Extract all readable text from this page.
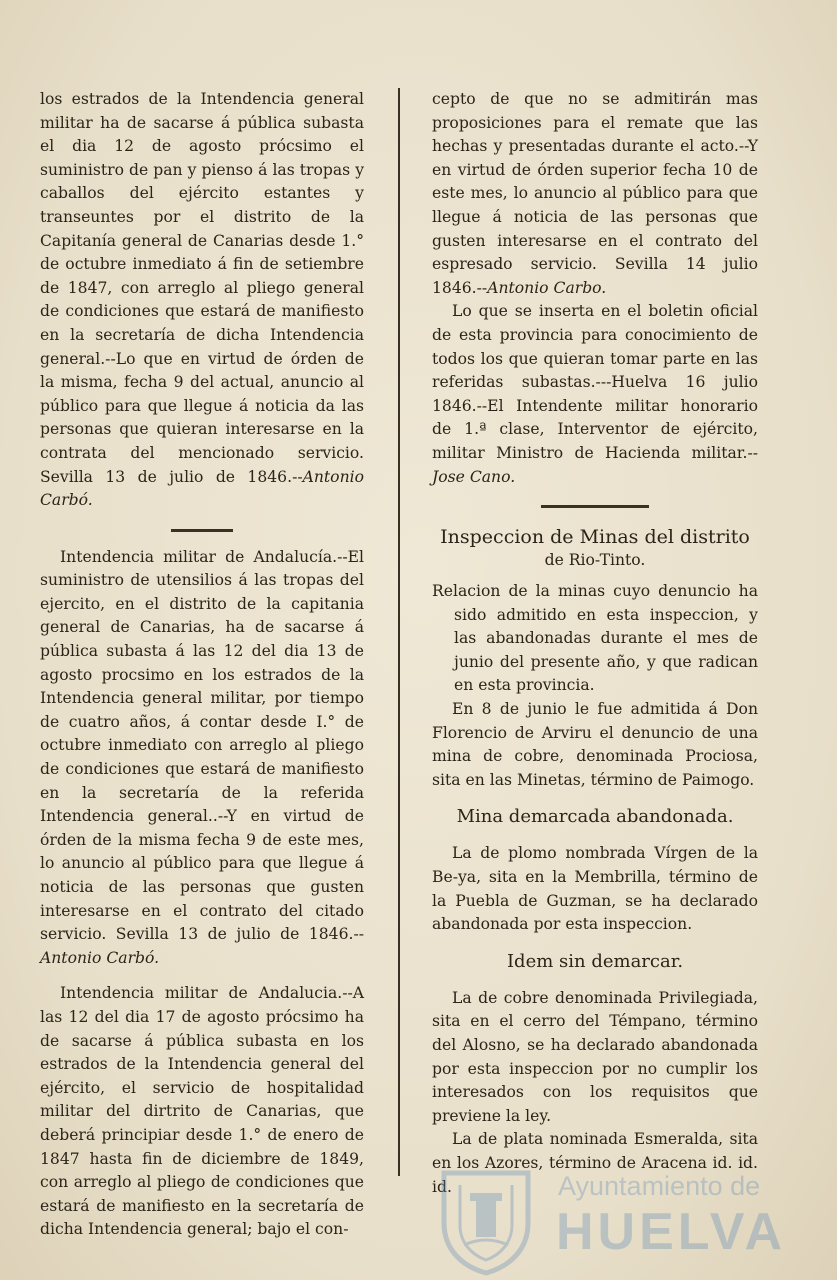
los estrados de la Intendencia general militar ha de sacarse á pública subasta el dia 12 de agosto prócsimo el suministro de pan y pienso á las tropas y caballos del ejército estantes y transeuntes por el distrito de la Capitanía general de Canarias desde 1.° de octubre inmediato á fin de setiembre de 1847, con arreglo al pliego general de condiciones que estará de manifiesto en la secretaría de dicha Intendencia general.--Lo que en virtud de órden de la misma, fecha 9 del actual, anuncio al público para que llegue á noticia da las personas que quieran interesarse en la contrata del mencionado servicio. Sevilla 13 de julio de 1846.--Antonio Carbó.

Intendencia militar de Andalucía.--El suministro de utensilios á las tropas del ejercito, en el distrito de la capitania general de Canarias, ha de sacarse á pública subasta á las 12 del dia 13 de agosto procsimo en los estrados de la Intendencia general militar, por tiempo de cuatro años, á contar desde I.° de octubre inmediato con arreglo al pliego de condiciones que estará de manifiesto en la secretaría de la referida Intendencia general..--Y en virtud de órden de la misma fecha 9 de este mes, lo anuncio al público para que llegue á noticia de las personas que gusten interesarse en el contrato del citado servicio. Sevilla 13 de julio de 1846.--Antonio Carbó.

Intendencia militar de Andalucia.--A las 12 del dia 17 de agosto prócsimo ha de sacarse á pública subasta en los estrados de la Intendencia general del ejército, el servicio de hospitalidad militar del dirtrito de Canarias, que deberá principiar desde 1.° de enero de 1847 hasta fin de diciembre de 1849, con arreglo al pliego de condiciones que estará de manifiesto en la secretaría de dicha Intendencia general; bajo el con-

cepto de que no se admitirán mas proposiciones para el remate que las hechas y presentadas durante el acto.--Y en virtud de órden superior fecha 10 de este mes, lo anuncio al público para que llegue á noticia de las personas que gusten interesarse en el contrato del espresado servicio. Sevilla 14 julio 1846.--Antonio Carbo.

Lo que se inserta en el boletin oficial de esta provincia para conocimiento de todos los que quieran tomar parte en las referidas subastas.---Huelva 16 julio 1846.--El Intendente militar honorario de 1.ª clase, Interventor de ejército, militar Ministro de Hacienda militar.--Jose Cano.

Inspeccion de Minas del distrito

de Rio-Tinto.

Relacion de la minas cuyo denuncio ha sido admitido en esta inspeccion, y las abandonadas durante el mes de junio del presente año, y que radican en esta provincia.

En 8 de junio le fue admitida á Don Florencio de Arviru el denuncio de una mina de cobre, denominada Prociosa, sita en las Minetas, término de Paimogo.

Mina demarcada abandonada.

La de plomo nombrada Vírgen de la Be-ya, sita en la Membrilla, término de la Puebla de Guzman, se ha declarado abandonada por esta inspeccion.

Idem sin demarcar.

La de cobre denominada Privilegiada, sita en el cerro del Témpano, término del Alosno, se ha declarado abandonada por esta inspeccion por no cumplir los interesados con los requisitos que previene la ley.

La de plata nominada Esmeralda, sita en los Azores, término de Aracena id. id. id.	Ayuntamiento de
HUELVA
